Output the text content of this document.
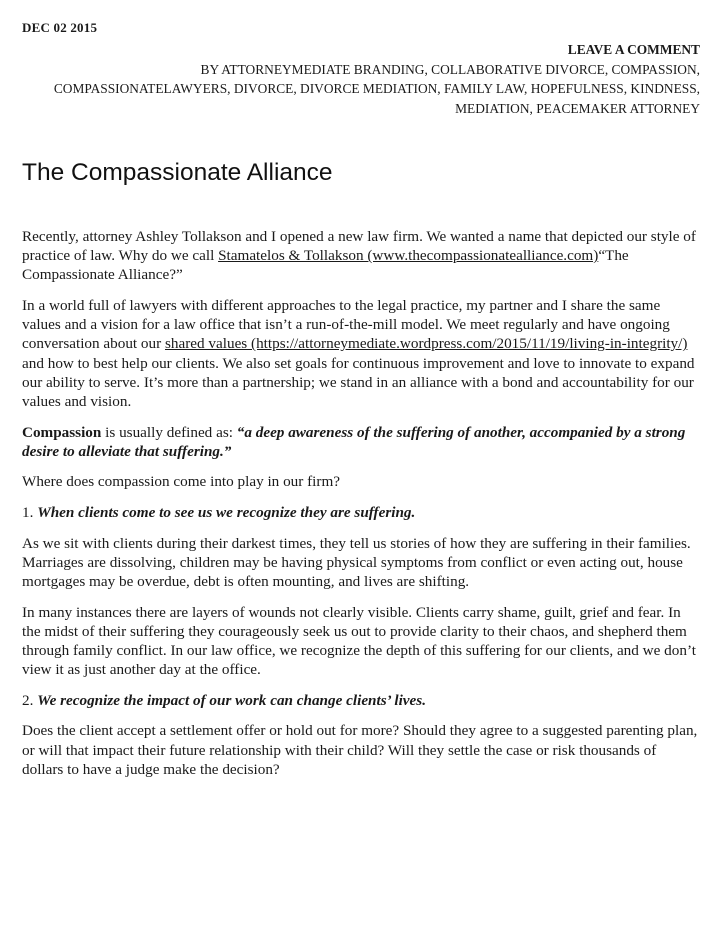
DEC 02 2015
LEAVE A COMMENT
BY ATTORNEYMEDIATE BRANDING, COLLABORATIVE DIVORCE, COMPASSION, COMPASSIONATELAWYERS, DIVORCE, DIVORCE MEDIATION, FAMILY LAW, HOPEFULNESS, KINDNESS, MEDIATION, PEACEMAKER ATTORNEY
The Compassionate Alliance

Recently, attorney Ashley Tollakson and I opened a new law firm. We wanted a name that depicted our style of practice of law. Why do we call Stamatelos & Tollakson (www.thecompassionatealliance.com)“The Compassionate Alliance?”

In a world full of lawyers with different approaches to the legal practice, my partner and I share the same values and a vision for a law office that isn’t a run-of-the-mill model. We meet regularly and have ongoing conversation about our shared values (https://attorneymediate.wordpress.com/2015/11/19/living-in-integrity/) and how to best help our clients. We also set goals for continuous improvement and love to innovate to expand our ability to serve. It’s more than a partnership; we stand in an alliance with a bond and accountability for our values and vision.

Compassion is usually defined as: “a deep awareness of the suffering of another, accompanied by a strong desire to alleviate that suffering.”

Where does compassion come into play in our firm?

1. When clients come to see us we recognize they are suffering.

As we sit with clients during their darkest times, they tell us stories of how they are suffering in their families. Marriages are dissolving, children may be having physical symptoms from conflict or even acting out, house mortgages may be overdue, debt is often mounting, and lives are shifting.

In many instances there are layers of wounds not clearly visible. Clients carry shame, guilt, grief and fear. In the midst of their suffering they courageously seek us out to provide clarity to their chaos, and shepherd them through family conflict. In our law office, we recognize the depth of this suffering for our clients, and we don’t view it as just another day at the office.

2. We recognize the impact of our work can change clients’ lives.

Does the client accept a settlement offer or hold out for more? Should they agree to a suggested parenting plan, or will that impact their future relationship with their child? Will they settle the case or risk thousands of dollars to have a judge make the decision?
